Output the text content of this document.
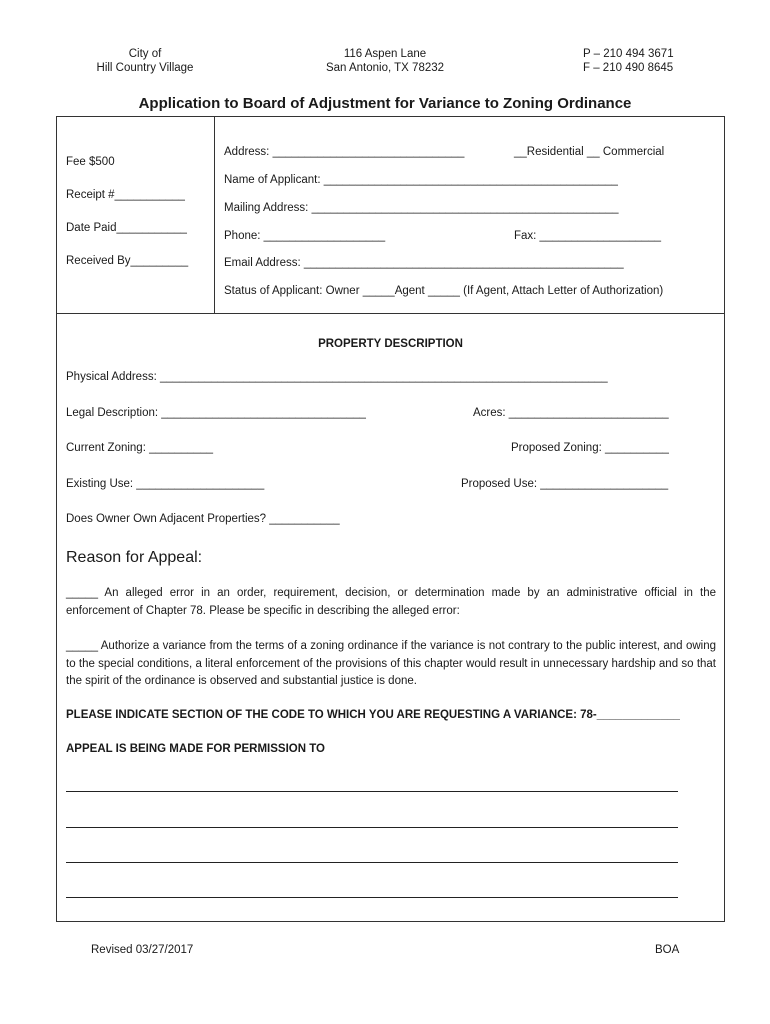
City of
Hill Country Village
116 Aspen Lane
San Antonio, TX 78232
P – 210 494 3671
F – 210 490 8645
Application to Board of Adjustment for Variance to Zoning Ordinance
Fee $500
Receipt #___________
Date Paid___________
Received By_________
Address: ______________________________	__Residential __ Commercial
Name of Applicant: ______________________________________________
Mailing Address: ________________________________________________
Phone: ___________________	Fax: ___________________
Email Address: __________________________________________________
Status of Applicant: Owner _____Agent _____ (If Agent, Attach Letter of Authorization)
PROPERTY DESCRIPTION
Physical Address: ______________________________________________________________________
Legal Description: ________________________________	Acres: _________________________
Current Zoning: __________	Proposed Zoning: __________
Existing Use: ____________________	Proposed Use: ____________________
Does Owner Own Adjacent Properties? ___________
Reason for Appeal:
_____ An alleged error in an order, requirement, decision, or determination made by an administrative official in the enforcement of Chapter 78. Please be specific in describing the alleged error:
_____ Authorize a variance from the terms of a zoning ordinance if the variance is not contrary to the public interest, and owing to the special conditions, a literal enforcement of the provisions of this chapter would result in unnecessary hardship and so that the spirit of the ordinance is observed and substantial justice is done.
PLEASE INDICATE SECTION OF THE CODE TO WHICH YOU ARE REQUESTING A VARIANCE: 78-_____________
APPEAL IS BEING MADE FOR PERMISSION TO
Revised 03/27/2017	BOA
